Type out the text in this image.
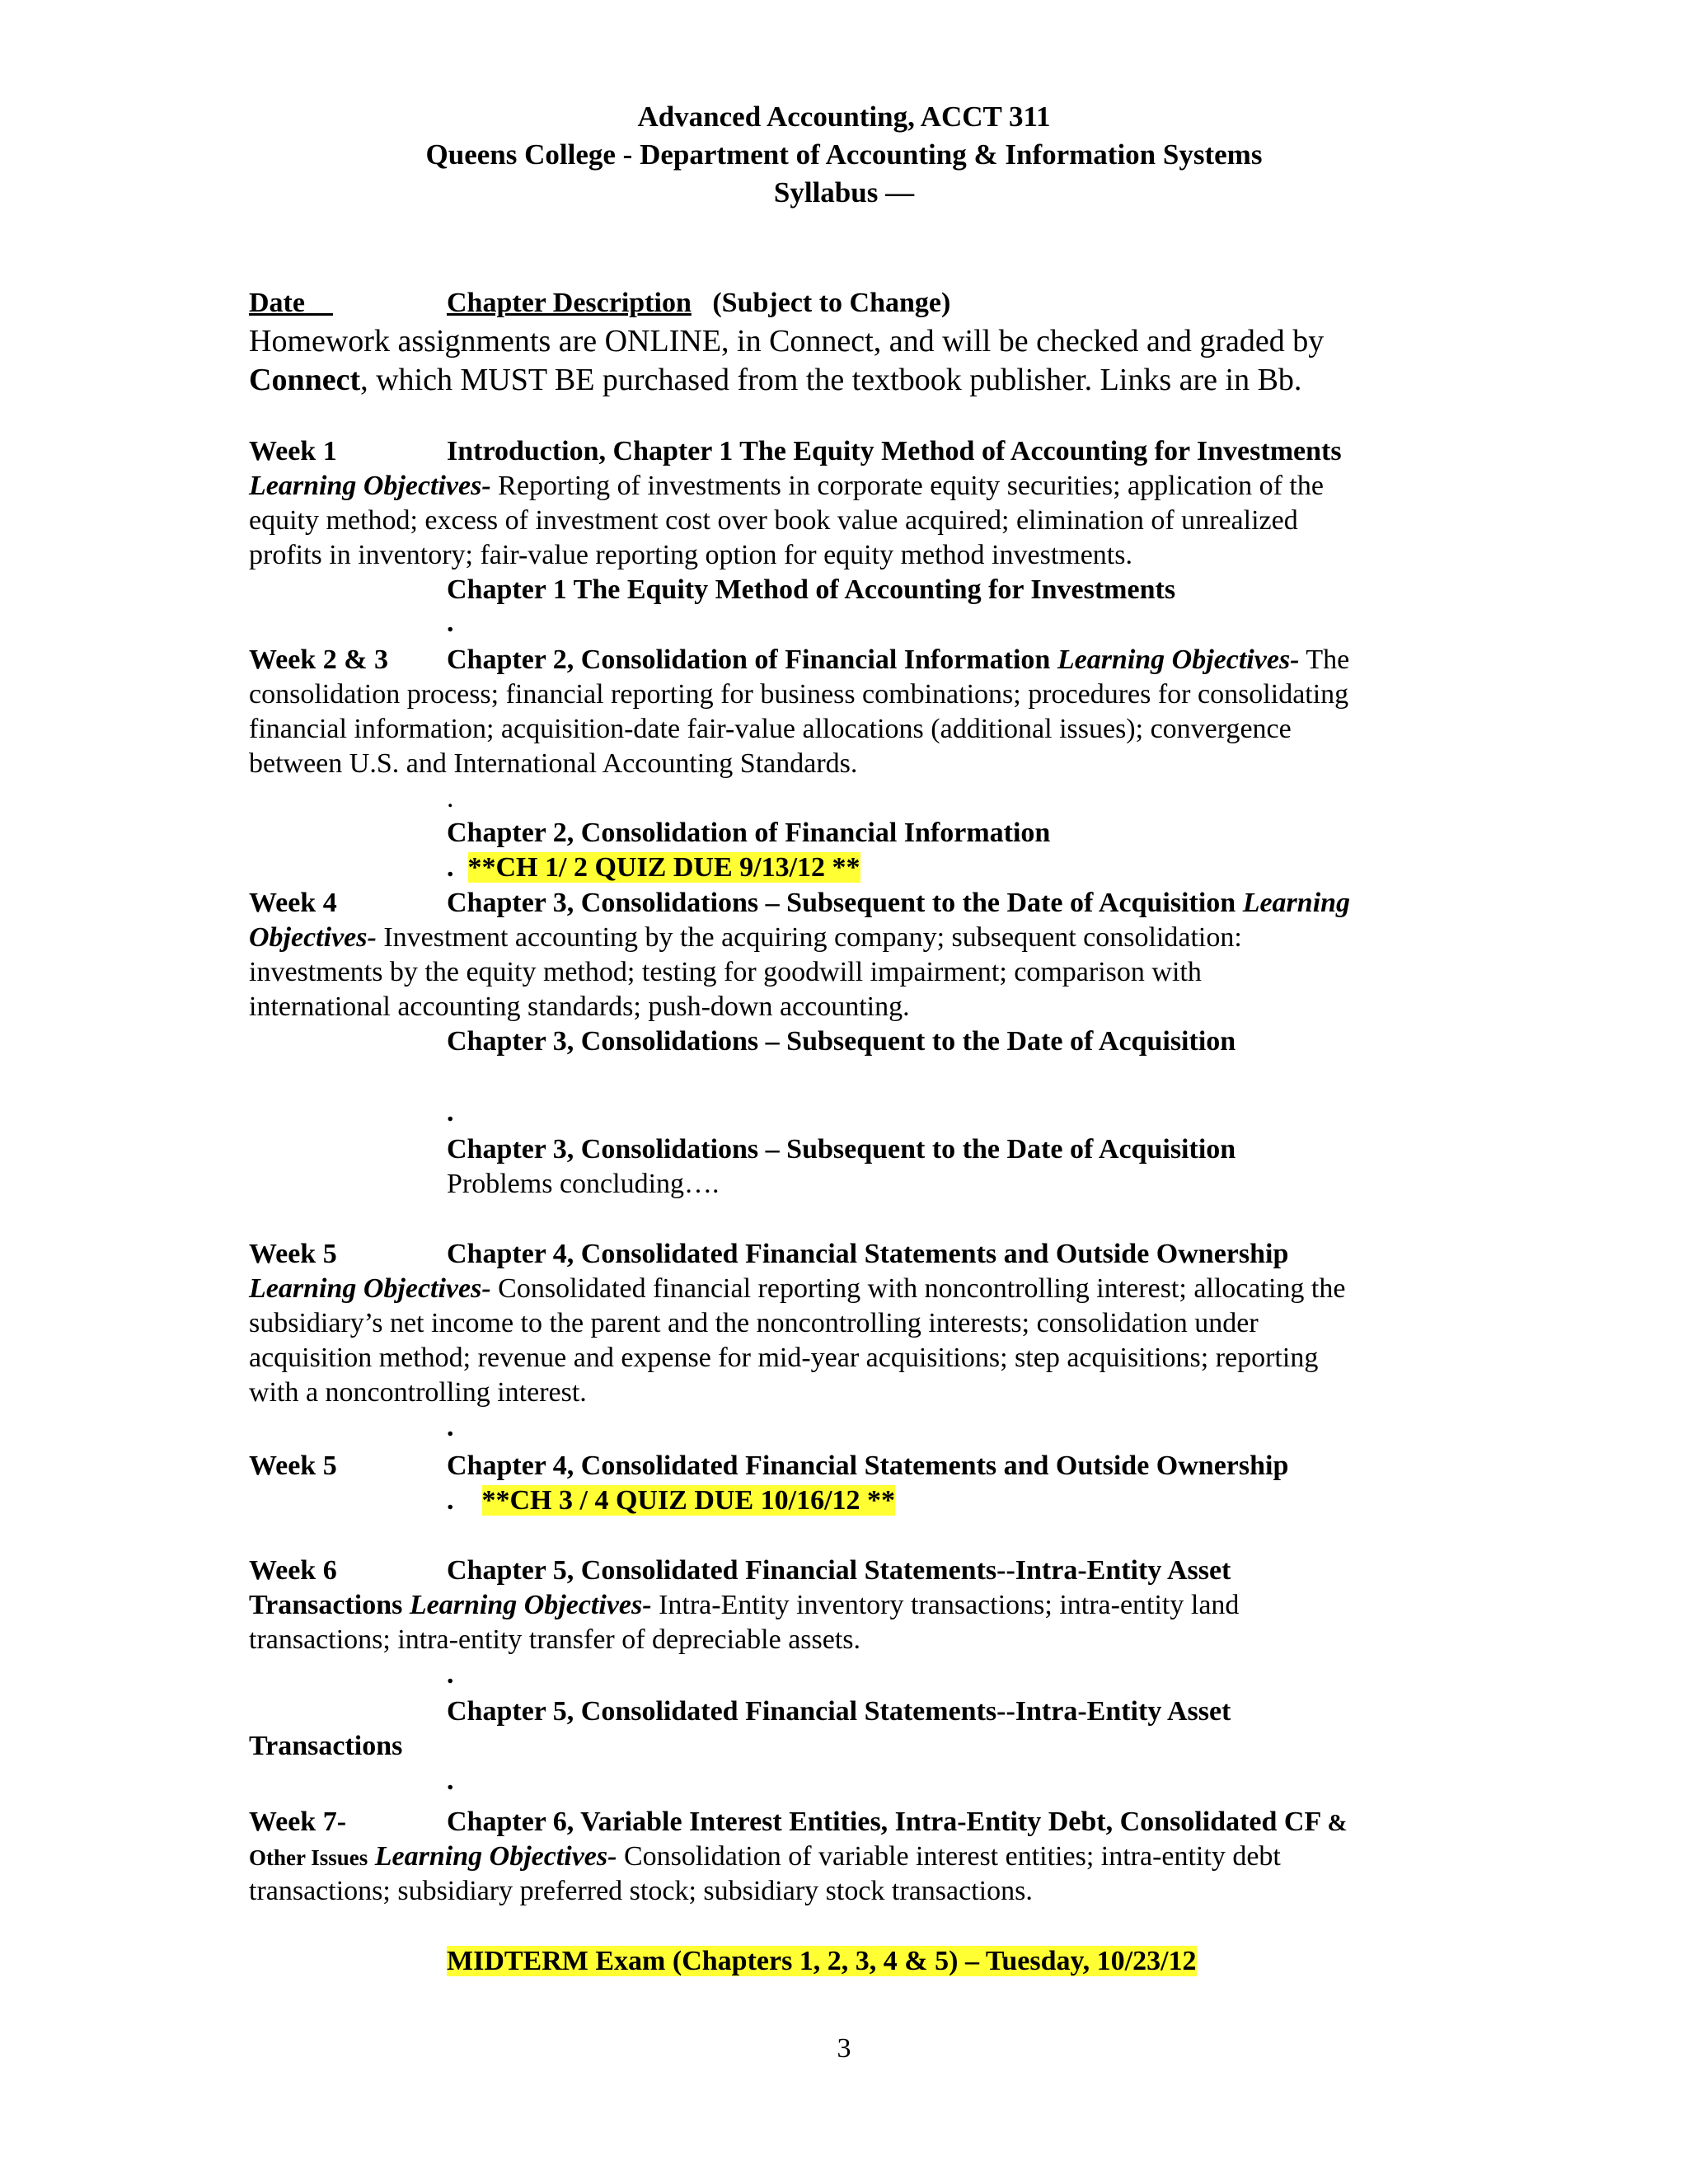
Advanced Accounting, ACCT 311
Queens College - Department of Accounting & Information Systems
Syllabus —
Date	Chapter Description (Subject to Change)
Homework assignments are ONLINE, in Connect, and will be checked and graded by
Connect, which MUST BE purchased from the textbook publisher. Links are in Bb.
Week 1	Introduction, Chapter 1 The Equity Method of Accounting for Investments
Learning Objectives- Reporting of investments in corporate equity securities; application of the
equity method; excess of investment cost over book value acquired; elimination of unrealized
profits in inventory; fair-value reporting option for equity method investments.
Chapter 1 The Equity Method of Accounting for Investments
.
Week 2 & 3 Chapter 2, Consolidation of Financial Information Learning Objectives- The
consolidation process; financial reporting for business combinations; procedures for consolidating
financial information; acquisition-date fair-value allocations (additional issues); convergence
between U.S. and International Accounting Standards.
.
Chapter 2, Consolidation of Financial Information
. **CH 1/ 2 QUIZ DUE 9/13/12 **
Week 4	Chapter 3, Consolidations – Subsequent to the Date of Acquisition Learning
Objectives- Investment accounting by the acquiring company; subsequent consolidation:
investments by the equity method; testing for goodwill impairment; comparison with
international accounting standards; push-down accounting.
Chapter 3, Consolidations – Subsequent to the Date of Acquisition
.
Chapter 3, Consolidations – Subsequent to the Date of Acquisition
Problems concluding….
Week 5	Chapter 4, Consolidated Financial Statements and Outside Ownership
Learning Objectives- Consolidated financial reporting with noncontrolling interest; allocating the
subsidiary’s net income to the parent and the noncontrolling interests; consolidation under
acquisition method; revenue and expense for mid-year acquisitions; step acquisitions; reporting
with a noncontrolling interest.
.
Week 5	Chapter 4, Consolidated Financial Statements and Outside Ownership
. **CH 3 / 4 QUIZ DUE 10/16/12 **
Week 6	Chapter 5, Consolidated Financial Statements--Intra-Entity Asset
Transactions Learning Objectives- Intra-Entity inventory transactions; intra-entity land
transactions; intra-entity transfer of depreciable assets.
.
Chapter 5, Consolidated Financial Statements--Intra-Entity Asset
Transactions
.
Week 7-	Chapter 6, Variable Interest Entities, Intra-Entity Debt, Consolidated CF &
Other Issues Learning Objectives- Consolidation of variable interest entities; intra-entity debt
transactions; subsidiary preferred stock; subsidiary stock transactions.
MIDTERM Exam (Chapters 1, 2, 3, 4 & 5) – Tuesday, 10/23/12
3
